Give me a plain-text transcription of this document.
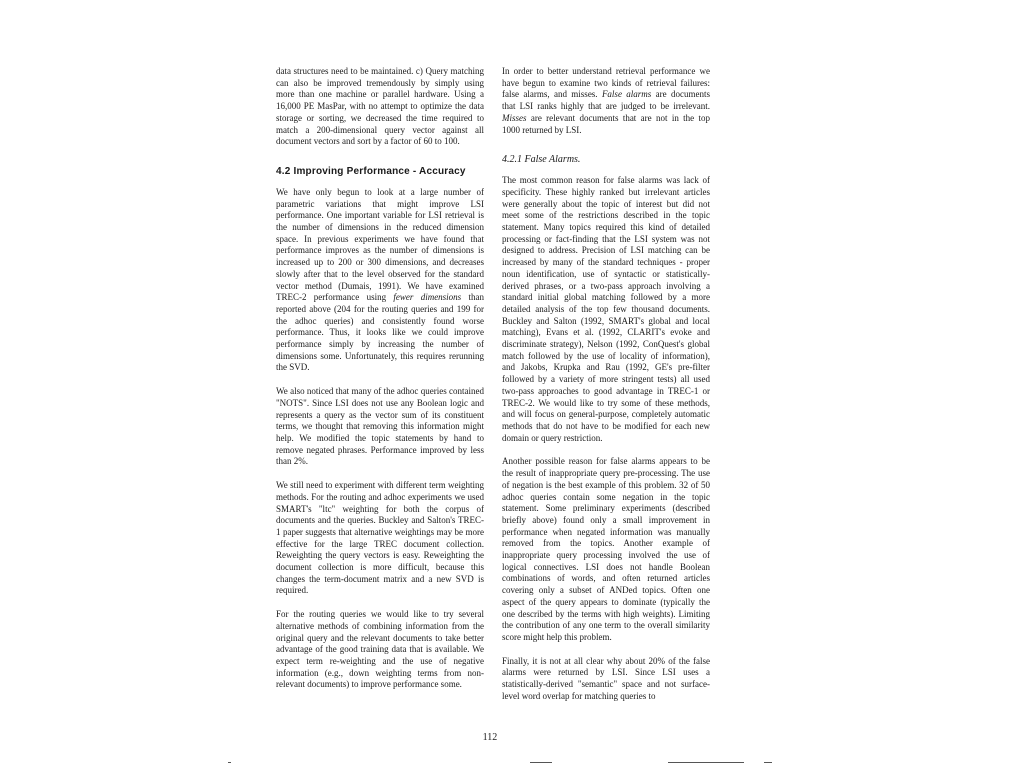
data structures need to be maintained. c) Query matching can also be improved tremendously by simply using more than one machine or parallel hardware. Using a 16,000 PE MasPar, with no attempt to optimize the data storage or sorting, we decreased the time required to match a 200-dimensional query vector against all document vectors and sort by a factor of 60 to 100.

4.2 Improving Performance - Accuracy

We have only begun to look at a large number of parametric variations that might improve LSI performance. One important variable for LSI retrieval is the number of dimensions in the reduced dimension space. In previous experiments we have found that performance improves as the number of dimensions is increased up to 200 or 300 dimensions, and decreases slowly after that to the level observed for the standard vector method (Dumais, 1991). We have examined TREC-2 performance using fewer dimensions than reported above (204 for the routing queries and 199 for the adhoc queries) and consistently found worse performance. Thus, it looks like we could improve performance simply by increasing the number of dimensions some. Unfortunately, this requires rerunning the SVD.

We also noticed that many of the adhoc queries contained "NOTS". Since LSI does not use any Boolean logic and represents a query as the vector sum of its constituent terms, we thought that removing this information might help. We modified the topic statements by hand to remove negated phrases. Performance improved by less than 2%.

We still need to experiment with different term weighting methods. For the routing and adhoc experiments we used SMART's "ltc" weighting for both the corpus of documents and the queries. Buckley and Salton's TREC-1 paper suggests that alternative weightings may be more effective for the large TREC document collection. Reweighting the query vectors is easy. Reweighting the document collection is more difficult, because this changes the term-document matrix and a new SVD is required.

For the routing queries we would like to try several alternative methods of combining information from the original query and the relevant documents to take better advantage of the good training data that is available. We expect term re-weighting and the use of negative information (e.g., down weighting terms from non-relevant documents) to improve performance some.

In order to better understand retrieval performance we have begun to examine two kinds of retrieval failures: false alarms, and misses. False alarms are documents that LSI ranks highly that are judged to be irrelevant. Misses are relevant documents that are not in the top 1000 returned by LSI.

4.2.1 False Alarms.

The most common reason for false alarms was lack of specificity. These highly ranked but irrelevant articles were generally about the topic of interest but did not meet some of the restrictions described in the topic statement. Many topics required this kind of detailed processing or fact-finding that the LSI system was not designed to address. Precision of LSI matching can be increased by many of the standard techniques - proper noun identification, use of syntactic or statistically-derived phrases, or a two-pass approach involving a standard initial global matching followed by a more detailed analysis of the top few thousand documents. Buckley and Salton (1992, SMART's global and local matching), Evans et al. (1992, CLARIT's evoke and discriminate strategy), Nelson (1992, ConQuest's global match followed by the use of locality of information), and Jakobs, Krupka and Rau (1992, GE's pre-filter followed by a variety of more stringent tests) all used two-pass approaches to good advantage in TREC-1 or TREC-2. We would like to try some of these methods, and will focus on general-purpose, completely automatic methods that do not have to be modified for each new domain or query restriction.

Another possible reason for false alarms appears to be the result of inappropriate query pre-processing. The use of negation is the best example of this problem. 32 of 50 adhoc queries contain some negation in the topic statement. Some preliminary experiments (described briefly above) found only a small improvement in performance when negated information was manually removed from the topics. Another example of inappropriate query processing involved the use of logical connectives. LSI does not handle Boolean combinations of words, and often returned articles covering only a subset of ANDed topics. Often one aspect of the query appears to dominate (typically the one described by the terms with high weights). Limiting the contribution of any one term to the overall similarity score might help this problem.

Finally, it is not at all clear why about 20% of the false alarms were returned by LSI. Since LSI uses a statistically-derived "semantic" space and not surface-level word overlap for matching queries to

112
